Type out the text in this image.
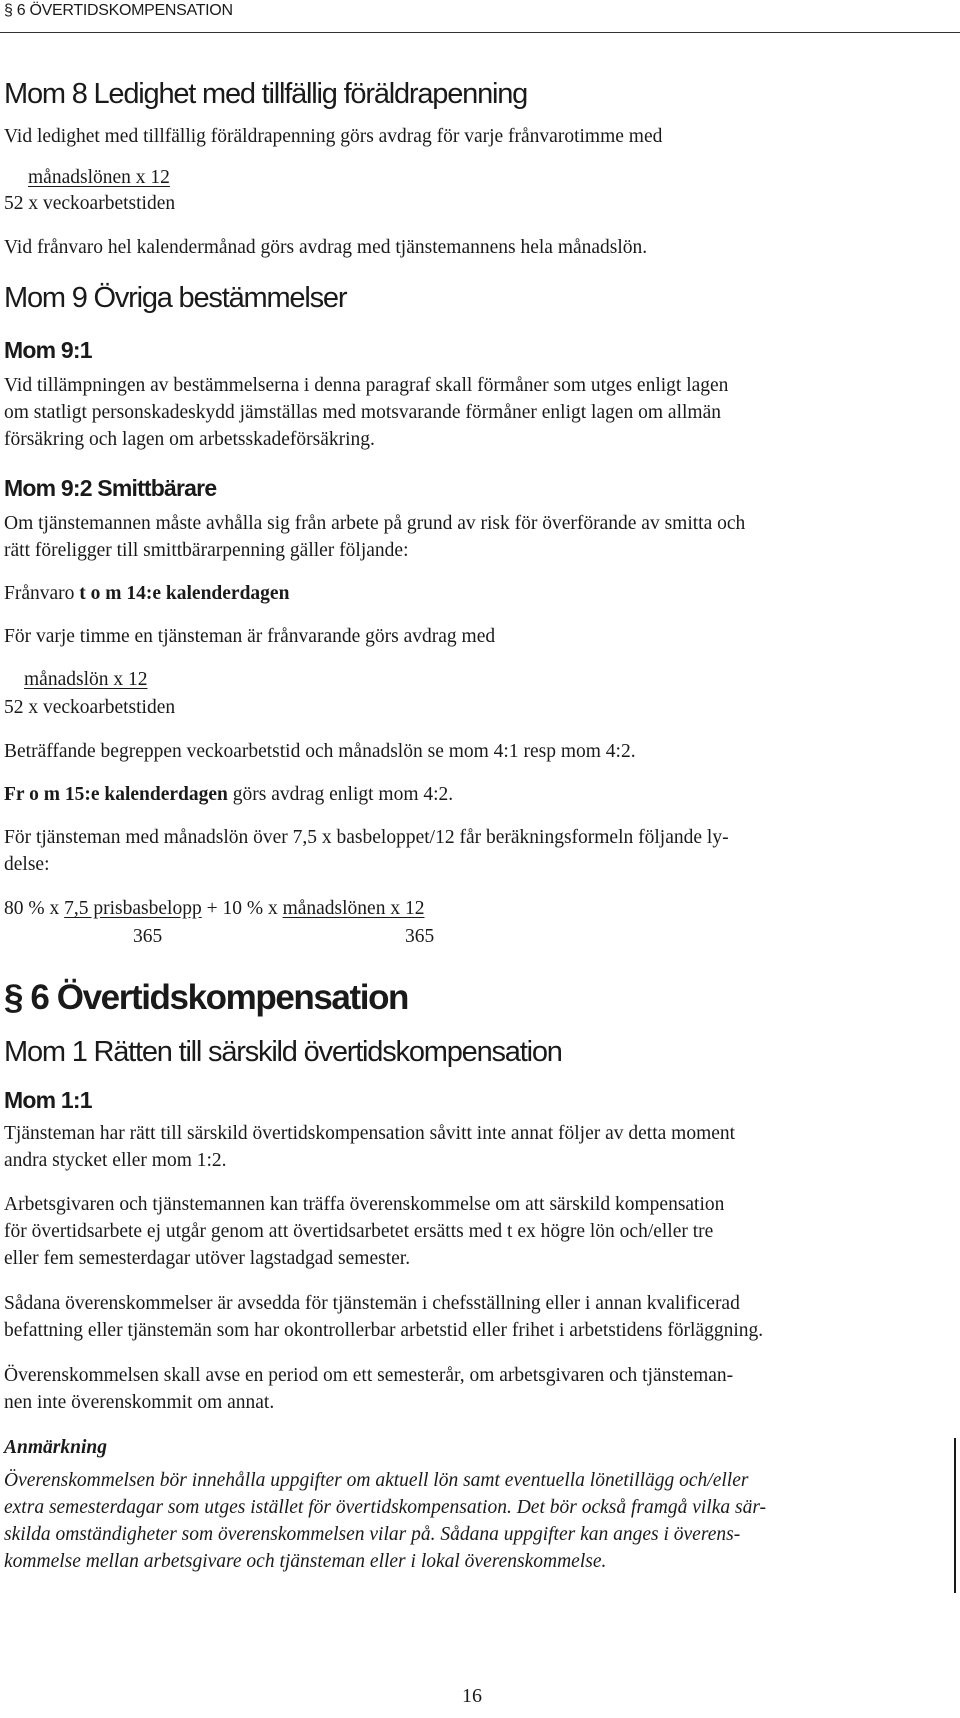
§ 6 ÖVERTIDSKOMPENSATION
Mom 8 Ledighet med tillfällig föräldrapenning
Vid ledighet med tillfällig föräldrapenning görs avdrag för varje frånvarotimme med
månadslönen x 12
52 x veckoarbetstiden
Vid frånvaro hel kalendermånad görs avdrag med tjänstemannens hela månadslön.
Mom 9 Övriga bestämmelser
Mom 9:1
Vid tillämpningen av bestämmelserna i denna paragraf skall förmåner som utges enligt lagen
om statligt personskadeskydd jämställas med motsvarande förmåner enligt lagen om allmän
försäkring och lagen om arbetsskadeförsäkring.
Mom 9:2 Smittbärare
Om tjänstemannen måste avhålla sig från arbete på grund av risk för överförande av smitta och
rätt föreligger till smittbärarpenning gäller följande:
Frånvaro t o m 14:e kalenderdagen
För varje timme en tjänsteman är frånvarande görs avdrag med
månadslön x 12
52 x veckoarbetstiden
Beträffande begreppen veckoarbetstid och månadslön se mom 4:1 resp mom 4:2.
Fr o m 15:e kalenderdagen görs avdrag enligt mom 4:2.
För tjänsteman med månadslön över 7,5 x basbeloppet/12 får beräkningsformeln följande ly-
delse:
80 % x 7,5 prisbasbelopp + 10 % x månadslönen x 12
365	365
§ 6 Övertidskompensation
Mom 1 Rätten till särskild övertidskompensation
Mom 1:1
Tjänsteman har rätt till särskild övertidskompensation såvitt inte annat följer av detta moment
andra stycket eller mom 1:2.
Arbetsgivaren och tjänstemannen kan träffa överenskommelse om att särskild kompensation
för övertidsarbete ej utgår genom att övertidsarbetet ersätts med t ex högre lön och/eller tre
eller fem semesterdagar utöver lagstadgad semester.
Sådana överenskommelser är avsedda för tjänstemän i chefsställning eller i annan kvalificerad
befattning eller tjänstemän som har okontrollerbar arbetstid eller frihet i arbetstidens förläggning.
Överenskommelsen skall avse en period om ett semesterår, om arbetsgivaren och tjänsteman-
nen inte överenskommit om annat.
Anmärkning
Överenskommelsen bör innehålla uppgifter om aktuell lön samt eventuella lönetillägg och/eller
extra semesterdagar som utges istället för övertidskompensation. Det bör också framgå vilka sär-
skilda omständigheter som överenskommelsen vilar på. Sådana uppgifter kan anges i överens-
kommelse mellan arbetsgivare och tjänsteman eller i lokal överenskommelse.
16
